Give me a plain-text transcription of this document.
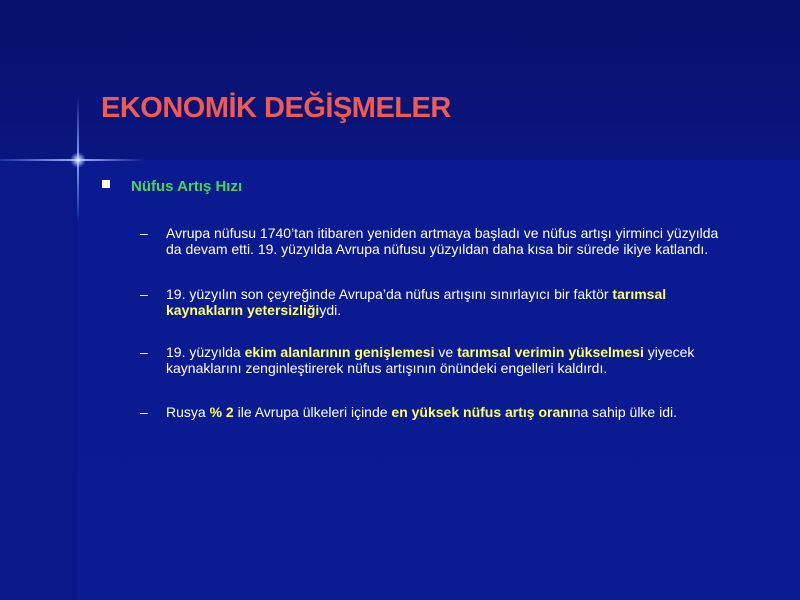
EKONOMİK DEĞİŞMELER
Nüfus Artış Hızı
–	Avrupa nüfusu 1740’tan itibaren yeniden artmaya başladı ve nüfus artışı yirminci yüzyılda
da devam etti. 19. yüzyılda Avrupa nüfusu yüzyıldan daha kısa bir sürede ikiye katlandı.
–	19. yüzyılın son çeyreğinde Avrupa’da nüfus artışını sınırlayıcı bir faktör tarımsal
kaynakların yetersizliğiydi.
–	19. yüzyılda ekim alanlarının genişlemesi ve tarımsal verimin yükselmesi yiyecek
kaynaklarını zenginleştirerek nüfus artışının önündeki engelleri kaldırdı.
–	Rusya % 2 ile Avrupa ülkeleri içinde en yüksek nüfus artış oranına sahip ülke idi.
